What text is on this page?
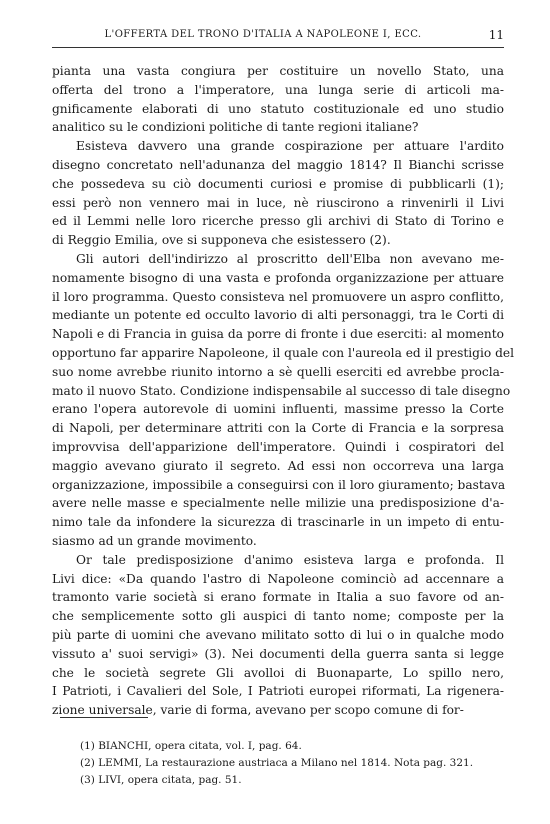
L'OFFERTA DEL TRONO D'ITALIA A NAPOLEONE I, ECC.	11
pianta una vasta congiura per costituire un novello Stato, una
offerta del trono a l'imperatore, una lunga serie di articoli ma-
gnificamente elaborati di uno statuto costituzionale ed uno studio
analitico su le condizioni politiche di tante regioni italiane?
Esisteva davvero una grande cospirazione per attuare l'ardito
disegno concretato nell'adunanza del maggio 1814? Il Bianchi scrisse
che possedeva su ciò documenti curiosi e promise di pubblicarli (1);
essi però non vennero mai in luce, nè riuscirono a rinvenirli il Livi
ed il Lemmi nelle loro ricerche presso gli archivi di Stato di Torino e
di Reggio Emilia, ove si supponeva che esistessero (2).
Gli autori dell'indirizzo al proscritto dell'Elba non avevano me-
nomamente bisogno di una vasta e profonda organizzazione per attuare
il loro programma. Questo consisteva nel promuovere un aspro conflitto,
mediante un potente ed occulto lavorio di alti personaggi, tra le Corti di
Napoli e di Francia in guisa da porre di fronte i due eserciti: al momento
opportuno far apparire Napoleone, il quale con l'aureola ed il prestigio del
suo nome avrebbe riunito intorno a sè quelli eserciti ed avrebbe procla-
mato il nuovo Stato. Condizione indispensabile al successo di tale disegno
erano l'opera autorevole di uomini influenti, massime presso la Corte
di Napoli, per determinare attriti con la Corte di Francia e la sorpresa
improvvisa dell'apparizione dell'imperatore. Quindi i cospiratori del
maggio avevano giurato il segreto. Ad essi non occorreva una larga
organizzazione, impossibile a conseguirsi con il loro giuramento; bastava
avere nelle masse e specialmente nelle milizie una predisposizione d'a-
nimo tale da infondere la sicurezza di trascinarle in un impeto di entu-
siasmo ad un grande movimento.
Or tale predisposizione d'animo esisteva larga e profonda. Il
Livi dice: «Da quando l'astro di Napoleone cominciò ad accennare a
tramonto varie società si erano formate in Italia a suo favore od an-
che semplicemente sotto gli auspici di tanto nome; composte per la
più parte di uomini che avevano militato sotto di lui o in qualche modo
vissuto a' suoi servigi» (3). Nei documenti della guerra santa si legge
che le società segrete Gli avolloi di Buonaparte, Lo spillo nero,
I Patrioti, i Cavalieri del Sole, I Patrioti europei riformati, La rigenera-
zione universale, varie di forma, avevano per scopo comune di for-
(1) BIANCHI, opera citata, vol. I, pag. 64.
(2) LEMMI, La restaurazione austriaca a Milano nel 1814. Nota pag. 321.
(3) LIVI, opera citata, pag. 51.
